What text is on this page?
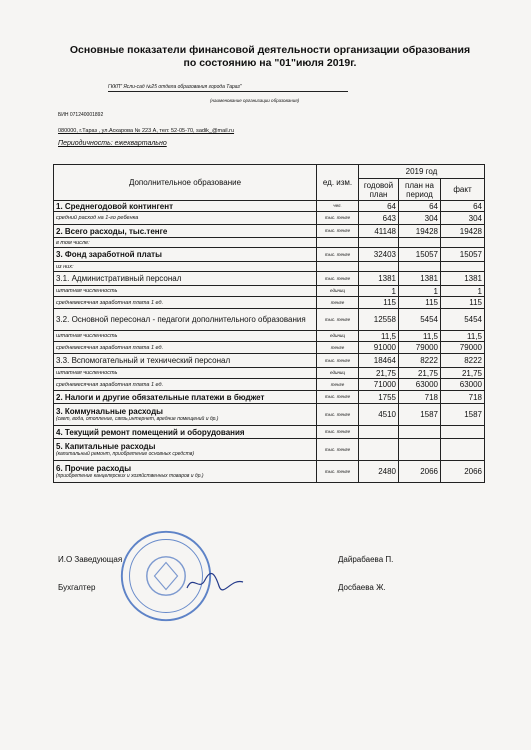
Основные показатели финансовой деятельности организации образования
по состоянию на "01"июля 2019г.
ГККП" Ясли-сад №25 отдела образования города Тараз"
(наименование организации образования)
БИН 071240001892
080000, г.Тараз , ул.Аскарова № 223 А, тел: 52-05-70, sadik_@mail.ru
Периодичность: ежеквартально
Дополнительное образование	ед. изм.	2019 год		
		годовой план	план на период	факт
1. Среднегодовой контингент	чел.	64	64	64
средний расход на 1-го ребенка	тыс. тенге	643	304	304
2. Всего расходы, тыс.тенге	тыс. тенге	41148	19428	19428
в том числе:				
3. Фонд заработной платы	тыс. тенге	32403	15057	15057
из них:				
3.1. Административный персонал	тыс. тенге	1381	1381	1381
штатная численность	единиц	1	1	1
среднемесячная заработная плата 1 ед.	тенге	115	115	115
3.2. Основной пересонал - педагоги дополнительного образования	тыс. тенге	12558	5454	5454
штатная численность	единиц	11,5	11,5	11,5
среднемесячная заработная плата 1 ед.	тенге	91000	79000	79000
3.3. Вспомогательный и технический персонал	тыс. тенге	18464	8222	8222
штатная численность	единиц	21,75	21,75	21,75
среднемесячная заработная плата 1 ед.	тенге	71000	63000	63000
2. Налоги и другие обязательные платежи в бюджет	тыс. тенге	1755	718	718
3. Коммунальные расходы
(свет, вода, отопление, связь,интернет, вредние помещений и др.)	тыс. тенге	4510	1587	1587
4. Текущий ремонт помещений и оборудования	тыс. тенге			
5. Капитальные расходы
(капитальный ремонт, приобретение основных средств)	тыс. тенге			
6. Прочие расходы
(приобретение канцелярских и хозяйственных товаров и др.)	тыс. тенге	2480	2066	2066
И.О Заведующая	Дайрабаева П.
Бухгалтер	Досбаева Ж.
